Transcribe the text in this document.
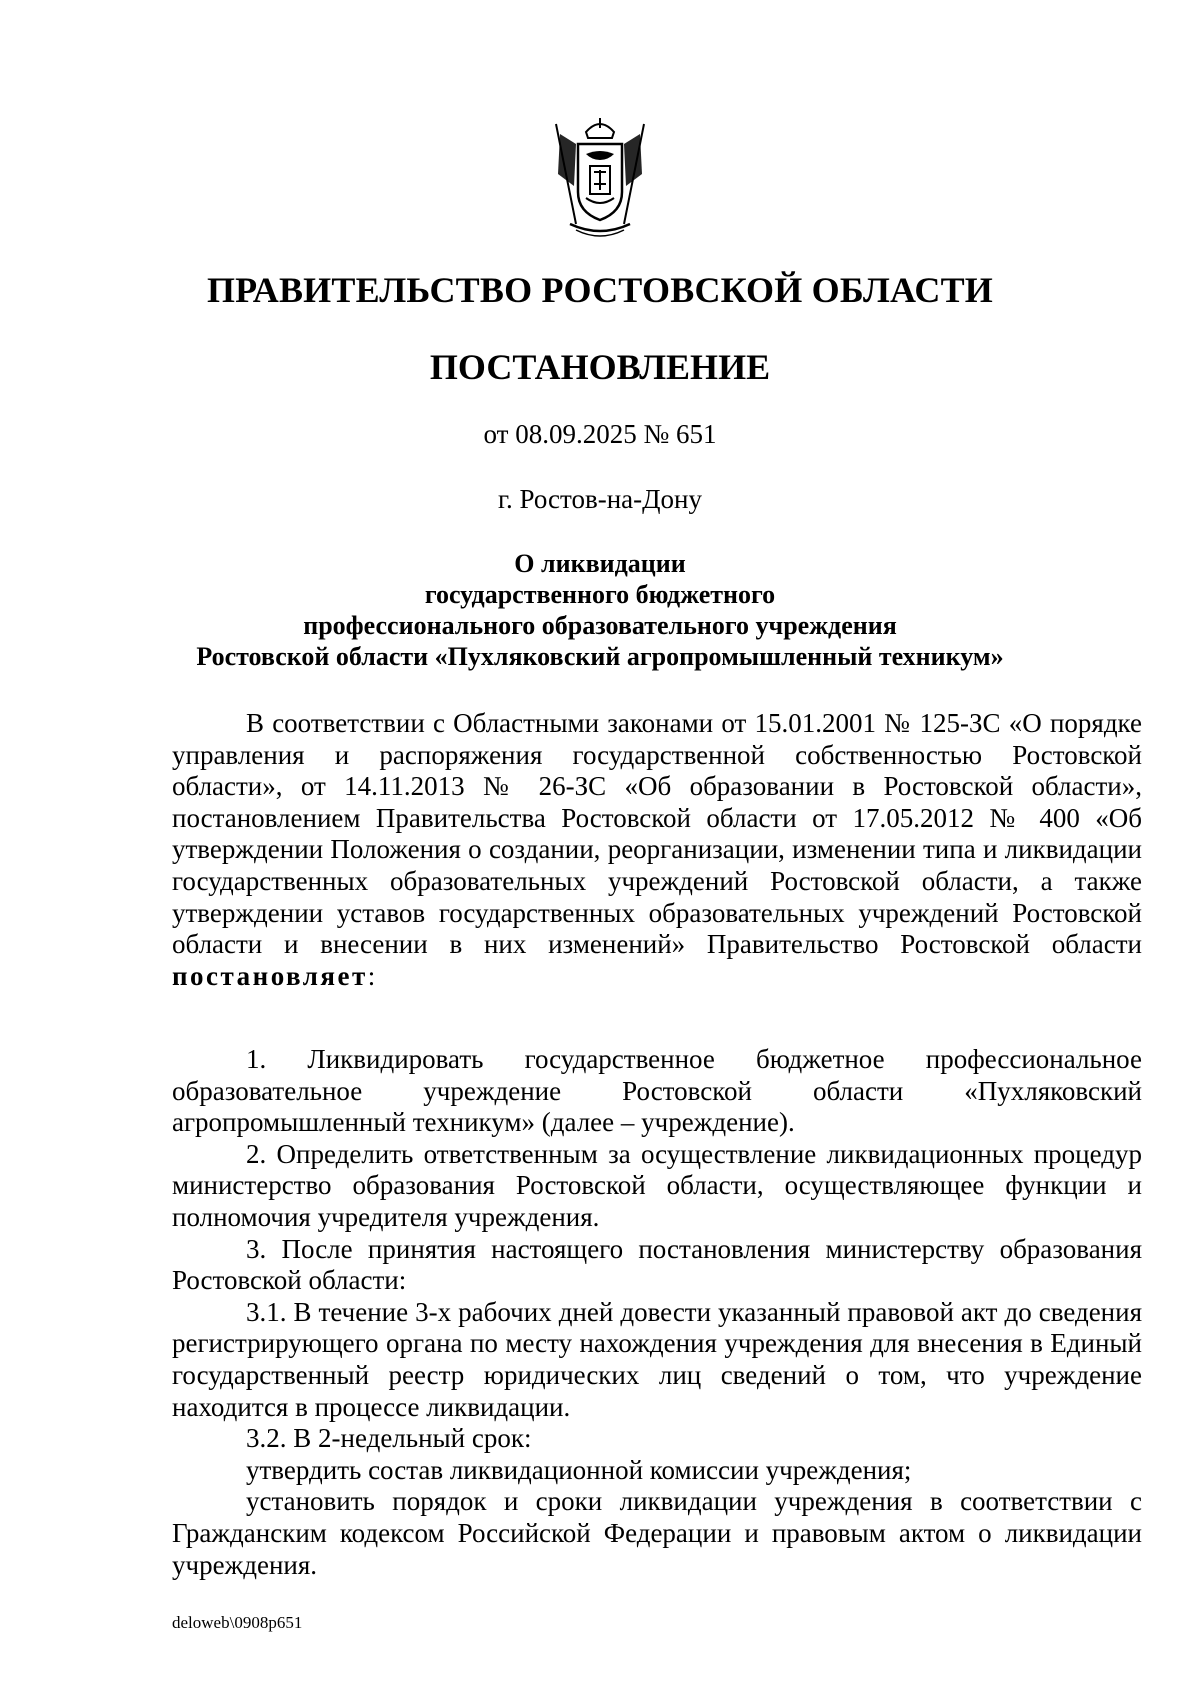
ПРАВИТЕЛЬСТВО РОСТОВСКОЙ ОБЛАСТИ
ПОСТАНОВЛЕНИЕ
от 08.09.2025 № 651
г. Ростов-на-Дону
О ликвидации
государственного бюджетного
профессионального образовательного учреждения
Ростовской области «Пухляковский агропромышленный техникум»

В соответствии с Областными законами от 15.01.2001 № 125-ЗС «О порядке управления и распоряжения государственной собственностью Ростовской области», от 14.11.2013 № 26-ЗС «Об образовании в Ростовской области», постановлением Правительства Ростовской области от 17.05.2012 № 400 «Об утверждении Положения о создании, реорганизации, изменении типа и ликвидации государственных образовательных учреждений Ростовской области, а также утверждении уставов государственных образовательных учреждений Ростовской области и внесении в них изменений» Правительство Ростовской области постановляет:

1. Ликвидировать государственное бюджетное профессиональное образовательное учреждение Ростовской области «Пухляковский агропромышленный техникум» (далее – учреждение).

2. Определить ответственным за осуществление ликвидационных процедур министерство образования Ростовской области, осуществляющее функции и полномочия учредителя учреждения.

3. После принятия настоящего постановления министерству образования Ростовской области:

3.1. В течение 3-х рабочих дней довести указанный правовой акт до сведения регистрирующего органа по месту нахождения учреждения для внесения в Единый государственный реестр юридических лиц сведений о том, что учреждение находится в процессе ликвидации.

3.2. В 2-недельный срок:

утвердить состав ликвидационной комиссии учреждения;

установить порядок и сроки ликвидации учреждения в соответствии с Гражданским кодексом Российской Федерации и правовым актом о ликвидации учреждения.

deloweb\0908р651
